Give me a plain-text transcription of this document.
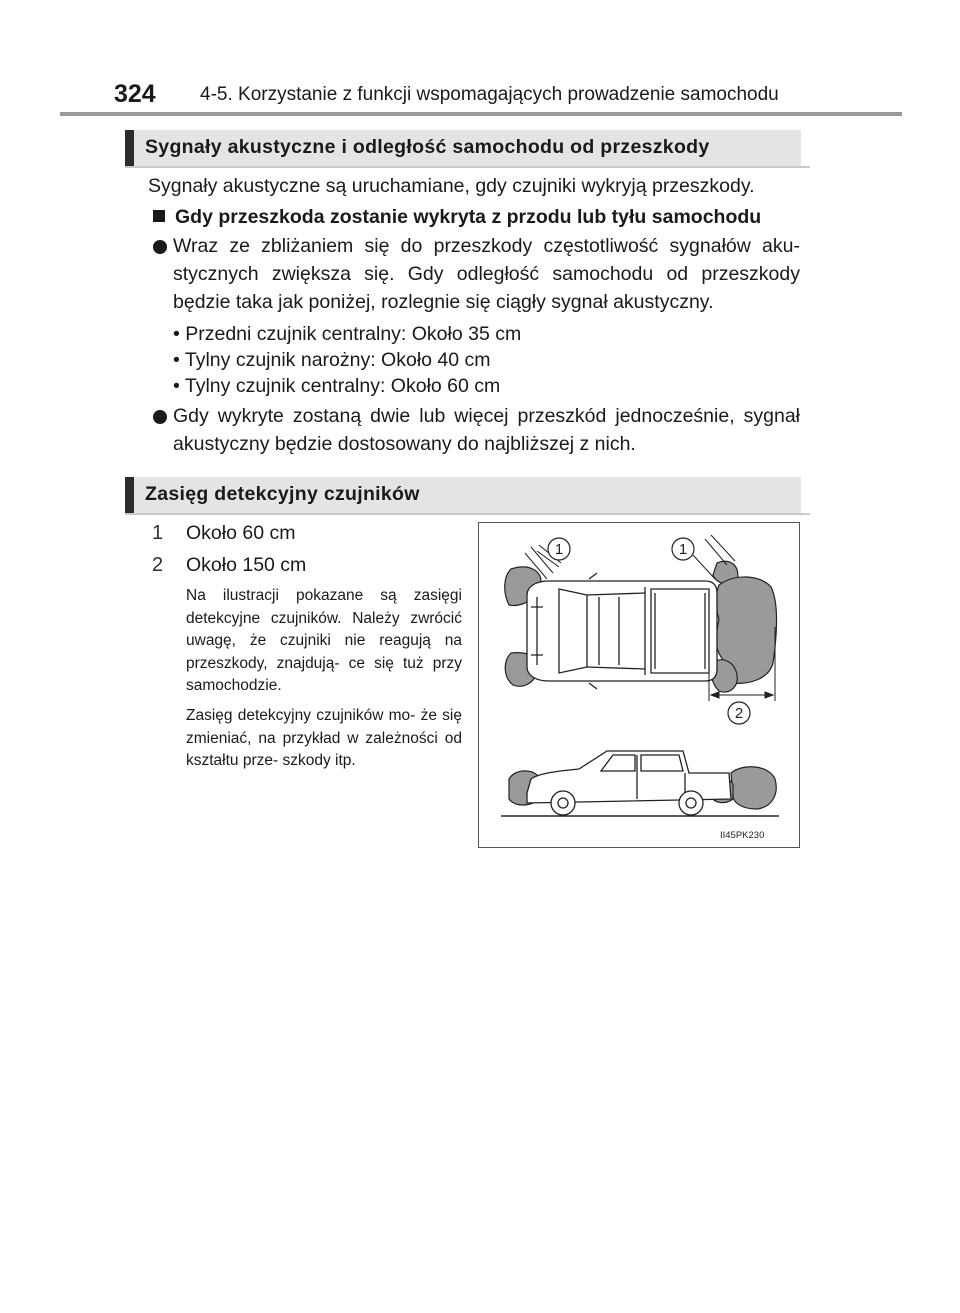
324 4-5. Korzystanie z funkcji wspomagających prowadzenie samochodu
Sygnały akustyczne i odległość samochodu od przeszkody
Sygnały akustyczne są uruchamiane, gdy czujniki wykryją przeszkody.
Gdy przeszkoda zostanie wykryta z przodu lub tyłu samochodu
Wraz ze zbliżaniem się do przeszkody częstotliwość sygnałów aku- stycznych zwiększa się. Gdy odległość samochodu od przeszkody będzie taka jak poniżej, rozlegnie się ciągły sygnał akustyczny.
• Przedni czujnik centralny: Około 35 cm
• Tylny czujnik narożny: Około 40 cm
• Tylny czujnik centralny: Około 60 cm
Gdy wykryte zostaną dwie lub więcej przeszkód jednocześnie, sygnał akustyczny będzie dostosowany do najbliższej z nich.
Zasięg detekcyjny czujników
1 Około 60 cm
2 Około 150 cm
Na ilustracji pokazane są zasięgi detekcyjne czujników. Należy zwrócić uwagę, że czujniki nie reagują na przeszkody, znajdują- ce się tuż przy samochodzie.
Zasięg detekcyjny czujników mo- że się zmieniać, na przykład w zależności od kształtu prze- szkody itp.
1	1
2
II45PK230
